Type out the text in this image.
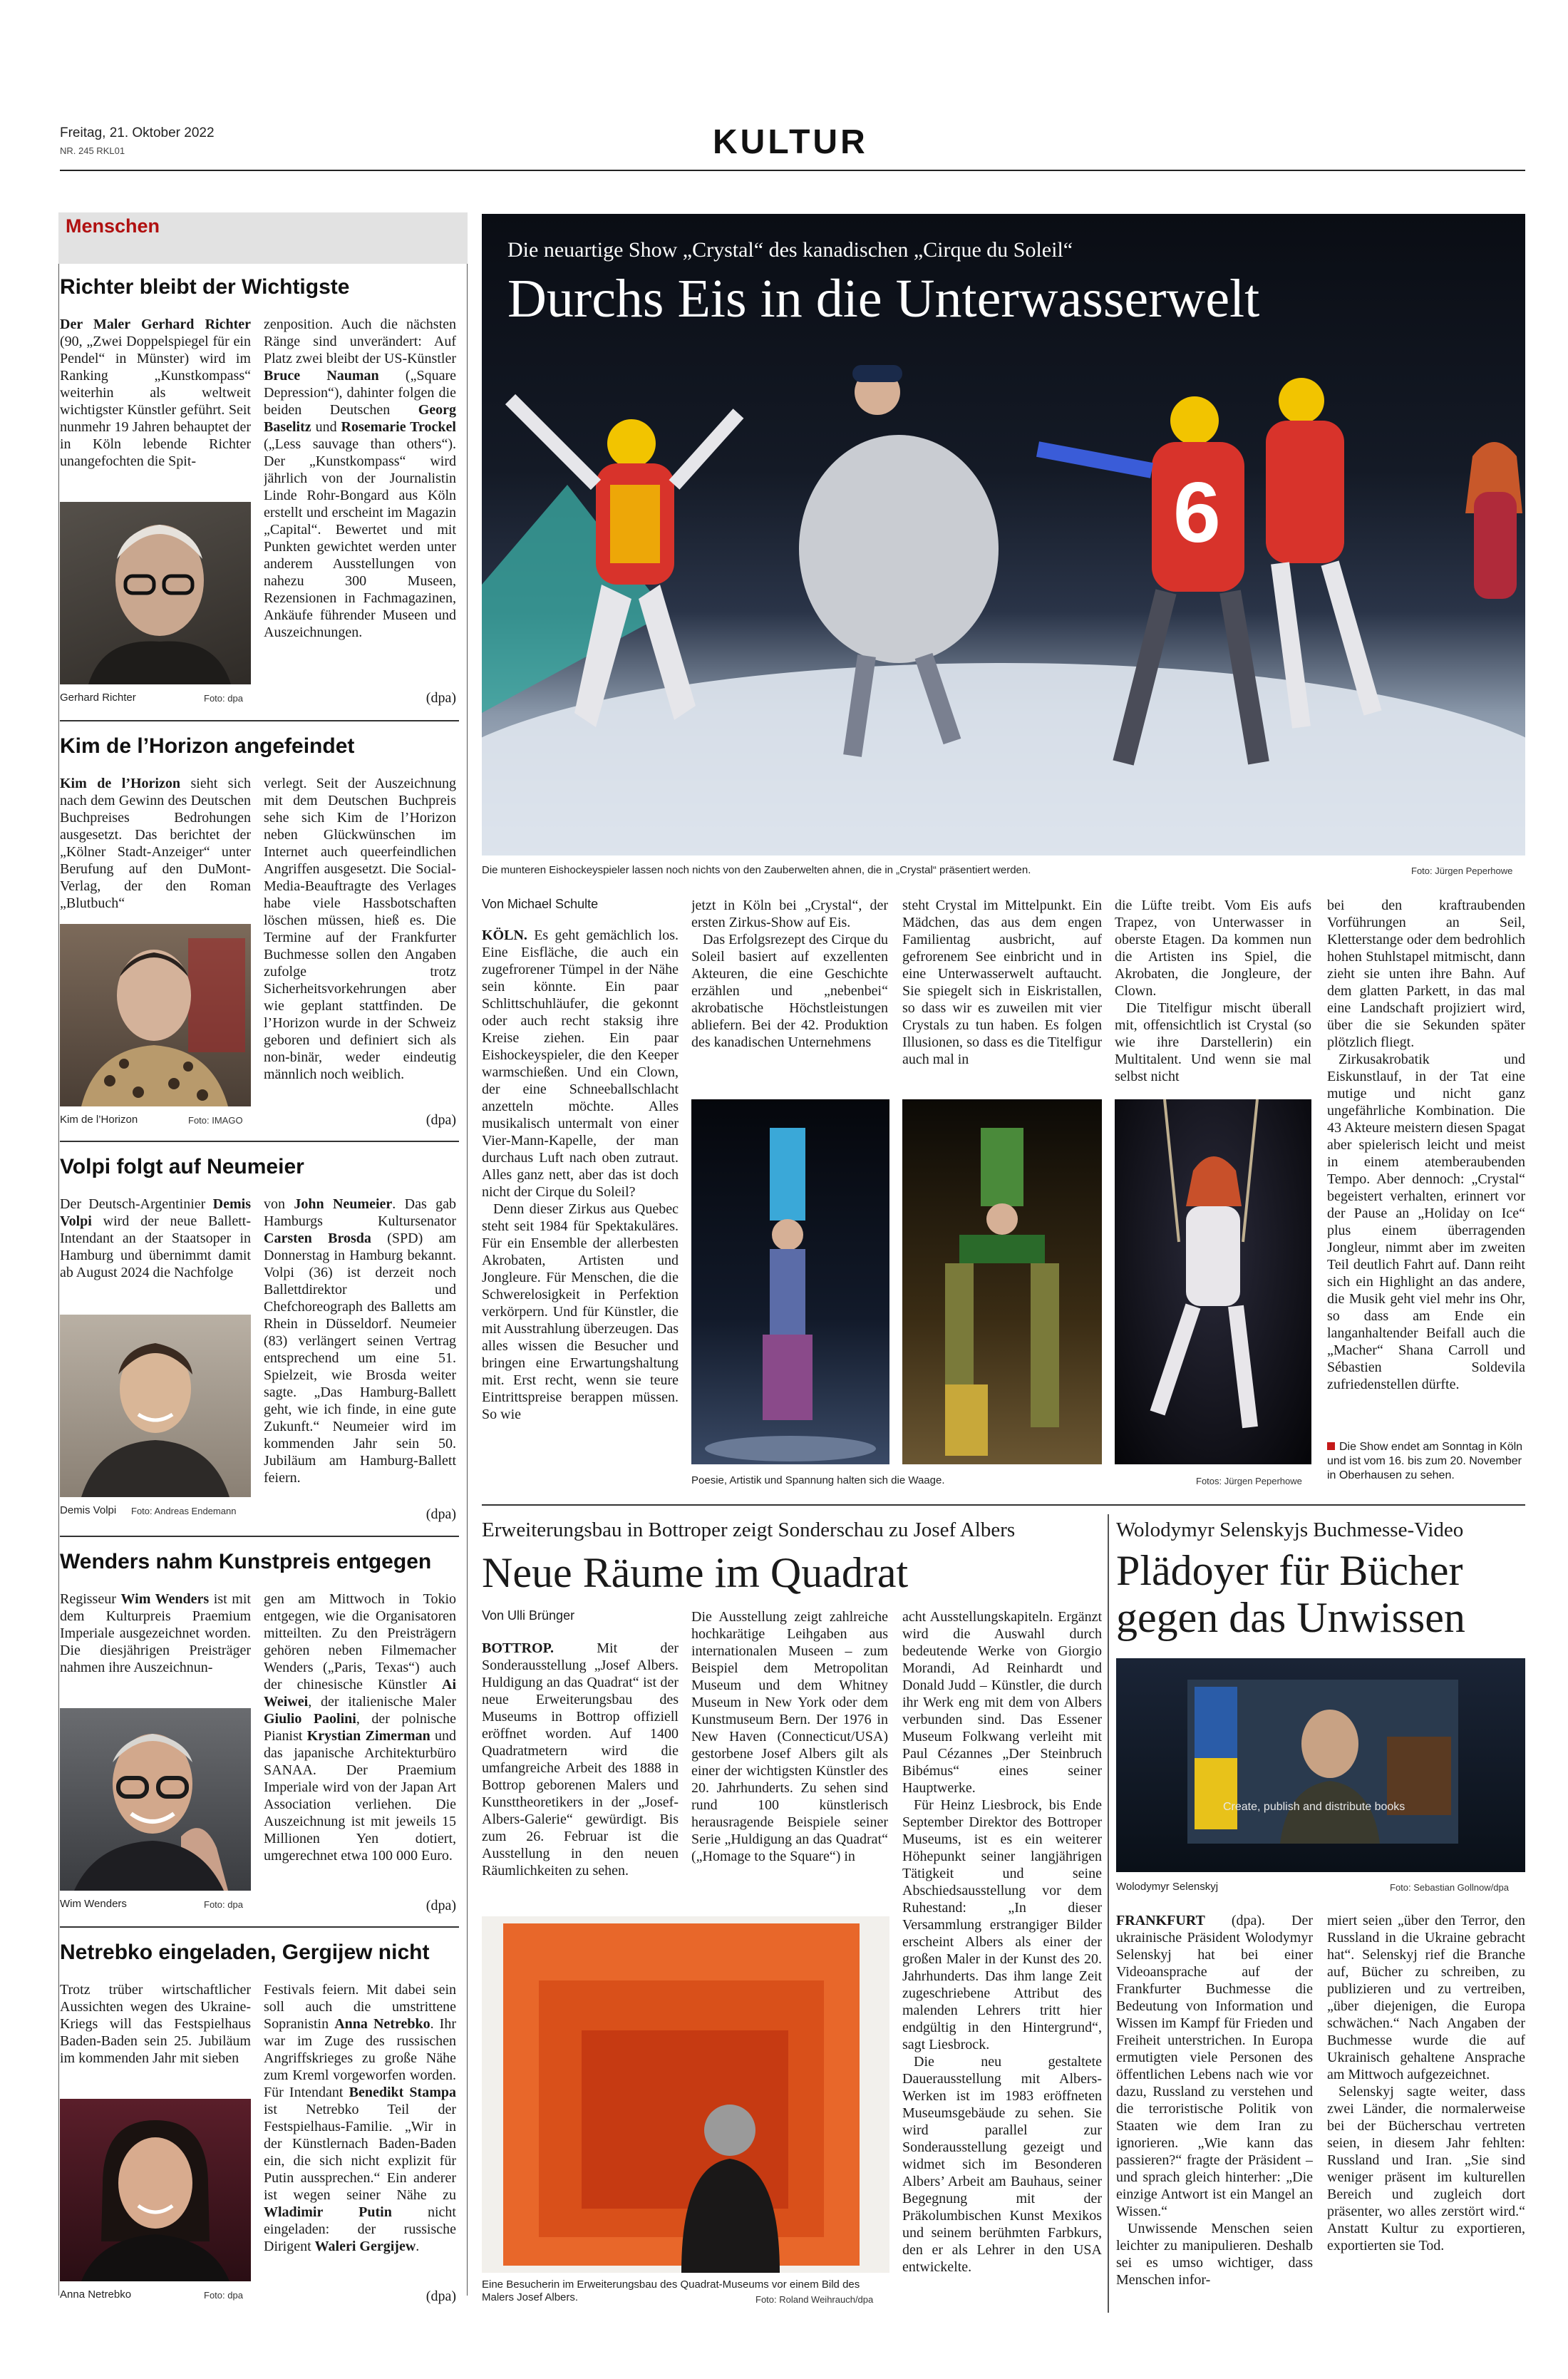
Freitag, 21. Oktober 2022
NR. 245 RKL01	KULTUR
Menschen
Richter bleibt der Wichtigste
Der Maler Gerhard Richter (90, „Zwei Doppelspiegel für ein Pendel“ in Münster) wird im Ranking „Kunstkompass“ weiterhin als weltweit wichtigster Künstler geführt. Seit nunmehr 19 Jahren behauptet der in Köln lebende Richter unangefochten die Spit-
Gerhard Richter	Foto: dpa
zenposition. Auch die nächsten Ränge sind unverändert: Auf Platz zwei bleibt der US-Künstler Bruce Nauman („Square Depression“), dahinter folgen die beiden Deutschen Georg Baselitz und Rosemarie Trockel („Less sauvage than others“). Der „Kunstkompass“ wird jährlich von der Journalistin Linde Rohr-Bongard aus Köln erstellt und erscheint im Magazin „Capital“. Bewertet und mit Punkten gewichtet werden unter anderem Ausstellungen von nahezu 300 Museen, Rezensionen in Fachmagazinen, Ankäufe führender Museen und Auszeichnungen.
(dpa)
Kim de l’Horizon angefeindet
Kim de l’Horizon sieht sich nach dem Gewinn des Deutschen Buchpreises Bedrohungen ausgesetzt. Das berichtet der „Kölner Stadt-Anzeiger“ unter Berufung auf den DuMont-Verlag, der den Roman „Blutbuch“
Kim de l’Horizon	Foto: IMAGO
verlegt. Seit der Auszeichnung mit dem Deutschen Buchpreis sehe sich Kim de l’Horizon neben Glückwünschen im Internet auch queerfeindlichen Angriffen ausgesetzt. Die Social-Media-Beauftragte des Verlages habe viele Hassbotschaften löschen müssen, hieß es. Die Termine auf der Frankfurter Buchmesse sollen den Angaben zufolge trotz Sicherheitsvorkehrungen aber wie geplant stattfinden. De l’Horizon wurde in der Schweiz geboren und definiert sich als non-binär, weder eindeutig männlich noch weiblich.
(dpa)
Volpi folgt auf Neumeier
Der Deutsch-Argentinier Demis Volpi wird der neue Ballett-Intendant an der Staatsoper in Hamburg und übernimmt damit ab August 2024 die Nachfolge
Demis Volpi Foto: Andreas Endemann
von John Neumeier. Das gab Hamburgs Kultursenator Carsten Brosda (SPD) am Donnerstag in Hamburg bekannt. Volpi (36) ist derzeit noch Ballettdirektor und Chefchoreograph des Balletts am Rhein in Düsseldorf. Neumeier (83) verlängert seinen Vertrag entsprechend um eine 51. Spielzeit, wie Brosda weiter sagte. „Das Hamburg-Ballett geht, wie ich finde, in eine gute Zukunft.“ Neumeier wird im kommenden Jahr sein 50. Jubiläum am Hamburg-Ballett feiern.
(dpa)
Wenders nahm Kunstpreis entgegen
Regisseur Wim Wenders ist mit dem Kulturpreis Praemium Imperiale ausgezeichnet worden. Die diesjährigen Preisträger nahmen ihre Auszeichnun-
Wim Wenders	Foto: dpa
gen am Mittwoch in Tokio entgegen, wie die Organisatoren mitteilten. Zu den Preisträgern gehören neben Filmemacher Wenders („Paris, Texas“) auch der chinesische Künstler Ai Weiwei, der italienische Maler Giulio Paolini, der polnische Pianist Krystian Zimerman und das japanische Architekturbüro SANAA. Der Praemium Imperiale wird von der Japan Art Association verliehen. Die Auszeichnung ist mit jeweils 15 Millionen Yen dotiert, umgerechnet etwa 100 000 Euro.
(dpa)
Netrebko eingeladen, Gergijew nicht
Trotz trüber wirtschaftlicher Aussichten wegen des Ukraine-Kriegs will das Festspielhaus Baden-Baden sein 25. Jubiläum im kommenden Jahr mit sieben
Anna Netrebko	Foto: dpa
Festivals feiern. Mit dabei sein soll auch die umstrittene Sopranistin Anna Netrebko. Ihr war im Zuge des russischen Angriffskrieges zu große Nähe zum Kreml vorgeworfen worden. Für Intendant Benedikt Stampa ist Netrebko Teil der Festspielhaus-Familie. „Wir in der Künstlernach Baden-Baden ein, die sich nicht explizit für Putin aussprechen.“ Ein anderer ist wegen seiner Nähe zu Wladimir Putin nicht eingeladen: der russische Dirigent Waleri Gergijew.
(dpa)
6
Die neuartige Show „Crystal“ des kanadischen „Cirque du Soleil“
Durchs Eis in die Unterwasserwelt
Die munteren Eishockeyspieler lassen noch nichts von den Zauberwelten ahnen, die in „Crystal“ präsentiert werden.	Foto: Jürgen Peperhowe
Von Michael Schulte
KÖLN. Es geht gemächlich los. Eine Eisfläche, die auch ein zugefrorener Tümpel in der Nähe sein könnte. Ein paar Schlittschuhläufer, die gekonnt oder auch recht staksig ihre Kreise ziehen. Ein paar Eishockeyspieler, die den Keeper warmschießen. Und ein Clown, der eine Schneeballschlacht anzetteln möchte. Alles musikalisch untermalt von einer Vier-Mann-Kapelle, der man durchaus Luft nach oben zutraut. Alles ganz nett, aber das ist doch nicht der Cirque du Soleil?
Denn dieser Zirkus aus Quebec steht seit 1984 für Spektakuläres. Für ein Ensemble der allerbesten Akrobaten, Artisten und Jongleure. Für Menschen, die die Schwerelosigkeit in Perfektion verkörpern. Und für Künstler, die mit Ausstrahlung überzeugen. Das alles wissen die Besucher und bringen eine Erwartungshaltung mit. Erst recht, wenn sie teure Eintrittspreise berappen müssen. So wie
jetzt in Köln bei „Crystal“, der ersten Zirkus-Show auf Eis.
Das Erfolgsrezept des Cirque du Soleil basiert auf exzellenten Akteuren, die eine Geschichte erzählen und „nebenbei“ akrobatische Höchstleistungen abliefern. Bei der 42. Produktion des kanadischen Unternehmens
steht Crystal im Mittelpunkt. Ein Mädchen, das aus dem engen Familientag ausbricht, auf gefrorenem See einbricht und in eine Unterwasserwelt auftaucht. Sie spiegelt sich in Eiskristallen, so dass wir es zuweilen mit vier Crystals zu tun haben. Es folgen Illusionen, so dass es die Titelfigur auch mal in
die Lüfte treibt. Vom Eis aufs Trapez, von Unterwasser in oberste Etagen. Da kommen nun die Artisten ins Spiel, die Akrobaten, die Jongleure, der Clown.
Die Titelfigur mischt überall mit, offensichtlich ist Crystal (so wie ihre Darstellerin) ein Multitalent. Und wenn sie mal selbst nicht
bei den kraftraubenden Vorführungen an Seil, Kletterstange oder dem bedrohlich hohen Stuhlstapel mitmischt, dann zieht sie unten ihre Bahn. Auf dem glatten Parkett, in das mal eine Landschaft projiziert wird, über die sie Sekunden später plötzlich fliegt.
Zirkusakrobatik und Eiskunstlauf, in der Tat eine mutige und nicht ganz ungefährliche Kombination. Die 43 Akteure meistern diesen Spagat aber spielerisch leicht und meist in einem atemberaubenden Tempo. Aber dennoch: „Crystal“ begeistert verhalten, erinnert vor der Pause an „Holiday on Ice“ plus einem überragenden Jongleur, nimmt aber im zweiten Teil deutlich Fahrt auf. Dann reiht sich ein Highlight an das andere, die Musik geht viel mehr ins Ohr, so dass am Ende ein langanhaltender Beifall auch die „Macher“ Shana Carroll und Sébastien Soldevila zufriedenstellen dürfte.
Poesie, Artistik und Spannung halten sich die Waage.	Fotos: Jürgen Peperhowe
Die Show endet am Sonntag in Köln und ist vom 16. bis zum 20. November in Oberhausen zu sehen.
Erweiterungsbau in Bottroper zeigt Sonderschau zu Josef Albers
Neue Räume im Quadrat
Von Ulli Brünger
BOTTROP. Mit der Sonderausstellung „Josef Albers. Huldigung an das Quadrat“ ist der neue Erweiterungsbau des Museums in Bottrop offiziell eröffnet worden. Auf 1400 Quadratmetern wird die umfangreiche Arbeit des 1888 in Bottrop geborenen Malers und Kunsttheoretikers in der „Josef-Albers-Galerie“ gewürdigt. Bis zum 26. Februar ist die Ausstellung in den neuen Räumlichkeiten zu sehen.
Die Ausstellung zeigt zahlreiche hochkarätige Leihgaben aus internationalen Museen – zum Beispiel dem Metropolitan Museum und dem Whitney Museum in New York oder dem Kunstmuseum Bern. Der 1976 in New Haven (Connecticut/USA) gestorbene Josef Albers gilt als einer der wichtigsten Künstler des 20. Jahrhunderts. Zu sehen sind rund 100 künstlerisch herausragende Beispiele seiner Serie „Huldigung an das Quadrat“ („Homage to the Square“) in
acht Ausstellungskapiteln. Ergänzt wird die Auswahl durch bedeutende Werke von Giorgio Morandi, Ad Reinhardt und Donald Judd – Künstler, die durch ihr Werk eng mit dem von Albers verbunden sind. Das Essener Museum Folkwang verleiht mit Paul Cézannes „Der Steinbruch Bibémus“ eines seiner Hauptwerke.
Für Heinz Liesbrock, bis Ende September Direktor des Bottroper Museums, ist es ein weiterer Höhepunkt seiner langjährigen Tätigkeit und seine Abschiedsausstellung vor dem Ruhestand: „In dieser Versammlung erstrangiger Bilder erscheint Albers als einer der großen Maler in der Kunst des 20. Jahrhunderts. Das ihm lange Zeit zugeschriebene Attribut des malenden Lehrers tritt hier endgültig in den Hintergrund“, sagt Liesbrock.
Die neu gestaltete Dauerausstellung mit Albers-Werken ist im 1983 eröffneten Museumsgebäude zu sehen. Sie wird parallel zur Sonderausstellung gezeigt und widmet sich im Besonderen Albers’ Arbeit am Bauhaus, seiner Begegnung mit der Präkolumbischen Kunst Mexikos und seinem berühmten Farbkurs, den er als Lehrer in den USA entwickelte.
Eine Besucherin im Erweiterungsbau des Quadrat-Museums vor einem Bild des Malers Josef Albers.	Foto: Roland Weihrauch/dpa
Wolodymyr Selenskyjs Buchmesse-Video
Plädoyer für Bücher gegen das Unwissen
Create, publish and distribute books
Wolodymyr Selenskyj	Foto: Sebastian Gollnow/dpa
FRANKFURT (dpa). Der ukrainische Präsident Wolodymyr Selenskyj hat bei einer Videoansprache auf der Frankfurter Buchmesse die Bedeutung von Information und Wissen im Kampf für Frieden und Freiheit unterstrichen. In Europa ermutigten viele Personen des öffentlichen Lebens nach wie vor dazu, Russland zu verstehen und die terroristische Politik von Staaten wie dem Iran zu ignorieren. „Wie kann das passieren?“ fragte der Präsident – und sprach gleich hinterher: „Die einzige Antwort ist ein Mangel an Wissen.“
Unwissende Menschen seien leichter zu manipulieren. Deshalb sei es umso wichtiger, dass Menschen infor-
miert seien „über den Terror, den Russland in die Ukraine gebracht hat“. Selenskyj rief die Branche auf, Bücher zu schreiben, zu publizieren und zu vertreiben, „über diejenigen, die Europa schwächen.“ Nach Angaben der Buchmesse wurde die auf Ukrainisch gehaltene Ansprache am Mittwoch aufgezeichnet.
Selenskyj sagte weiter, dass zwei Länder, die normalerweise bei der Bücherschau vertreten seien, in diesem Jahr fehlten: Russland und Iran. „Sie sind weniger präsent im kulturellen Bereich und zugleich dort präsenter, wo alles zerstört wird.“ Anstatt Kultur zu exportieren, exportierten sie Tod.
